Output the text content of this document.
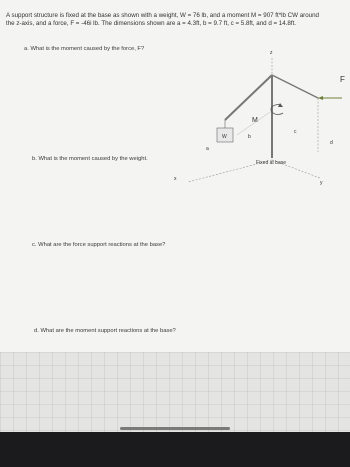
A support structure is fixed at the base as shown with a weight, W = 76 lb, and a moment M = 907 ft*lb CW around
the z-axis, and a force, F = -46i lb. The dimensions shown are a = 4.3ft, b = 9.7 ft, c = 5.8ft, and d = 14.8ft.
a. What is the moment caused by the force, F?
b. What is the moment caused by the weight.
c. What are the force support reactions at the base?
d. What are the moment support reactions at the base?
z
y
x
W
a
b
c
d
M
F
Fixed at base
